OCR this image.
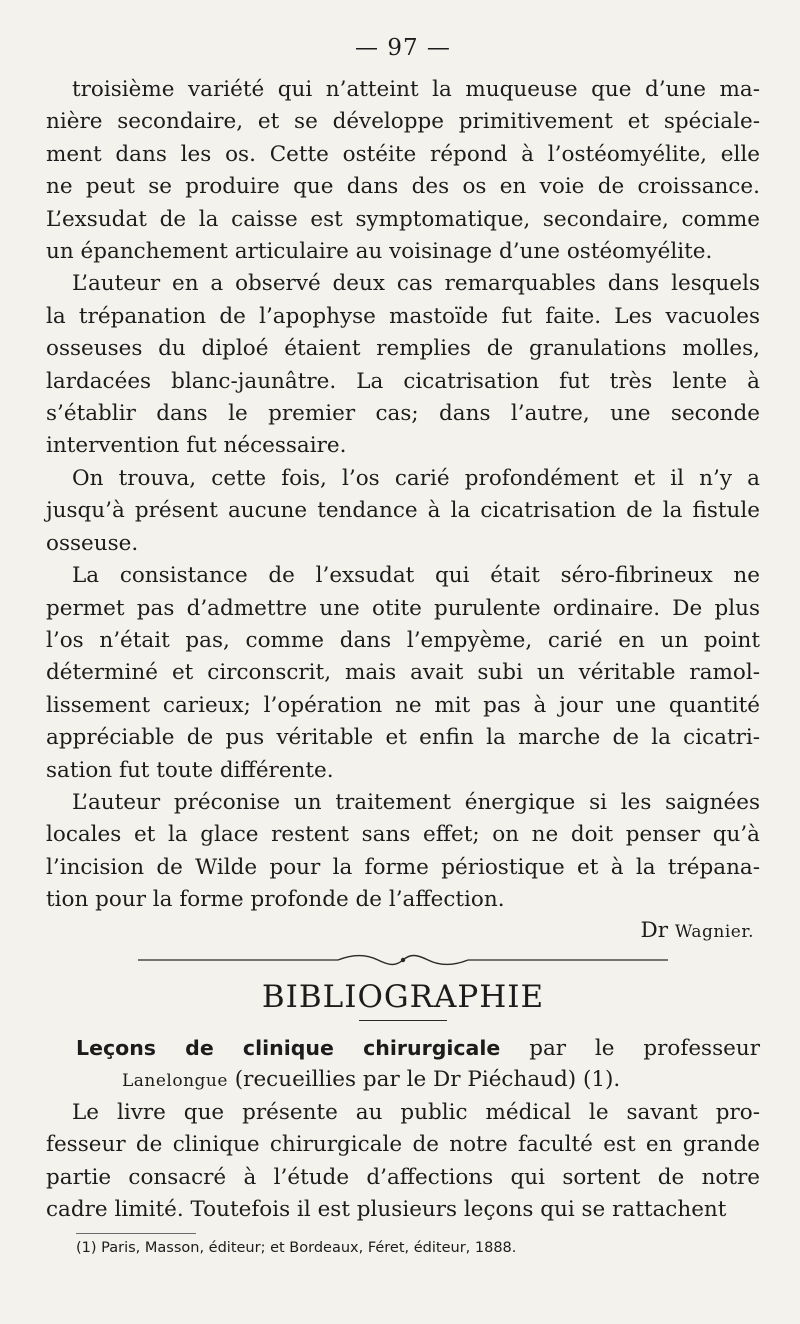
— 97 —
troisième variété qui n’atteint la muqueuse que d’une ma-
nière secondaire, et se développe primitivement et spéciale-
ment dans les os. Cette ostéite répond à l’ostéomyélite, elle
ne peut se produire que dans des os en voie de croissance.
L’exsudat de la caisse est symptomatique, secondaire, comme
un épanchement articulaire au voisinage d’une ostéomyélite.
L’auteur en a observé deux cas remarquables dans lesquels
la trépanation de l’apophyse mastoïde fut faite. Les vacuoles
osseuses du diploé étaient remplies de granulations molles,
lardacées blanc-jaunâtre. La cicatrisation fut très lente à
s’établir dans le premier cas; dans l’autre, une seconde
intervention fut nécessaire.
On trouva, cette fois, l’os carié profondément et il n’y a
jusqu’à présent aucune tendance à la cicatrisation de la fistule
osseuse.
La consistance de l’exsudat qui était séro-fibrineux ne
permet pas d’admettre une otite purulente ordinaire. De plus
l’os n’était pas, comme dans l’empyème, carié en un point
déterminé et circonscrit, mais avait subi un véritable ramol-
lissement carieux; l’opération ne mit pas à jour une quantité
appréciable de pus véritable et enfin la marche de la cicatri-
sation fut toute différente.
L’auteur préconise un traitement énergique si les saignées
locales et la glace restent sans effet; on ne doit penser qu’à
l’incision de Wilde pour la forme périostique et à la trépana-
tion pour la forme profonde de l’affection.
Dr Wagnier.
BIBLIOGRAPHIE
Leçons de clinique chirurgicale par le professeur
Lanelongue (recueillies par le Dr Piéchaud) (1).
Le livre que présente au public médical le savant pro-
fesseur de clinique chirurgicale de notre faculté est en grande
partie consacré à l’étude d’affections qui sortent de notre
cadre limité. Toutefois il est plusieurs leçons qui se rattachent
(1) Paris, Masson, éditeur; et Bordeaux, Féret, éditeur, 1888.
